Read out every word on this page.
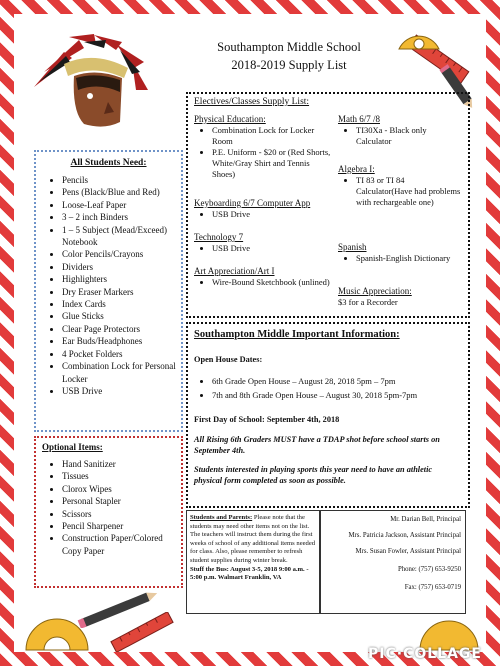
Southampton Middle School
2018-2019 Supply List
Electives/Classes Supply List:
Physical Education:
• Combination Lock for Locker Room
• P.E. Uniform - $20 or (Red Shorts, White/Gray Shirt and Tennis Shoes)
Keyboarding 6/7 Computer App
• USB Drive
Technology 7
• USB Drive
Art Appreciation/Art I
• Wire-Bound Sketchbook (unlined)
Math 6/7 /8
• TI30Xa - Black only Calculator
Algebra I:
• TI 83 or TI 84 Calculator(Have had problems with rechargeable one)
Spanish
• Spanish-English Dictionary
Music Appreciation:
$3 for a Recorder
All Students Need:
• Pencils
• Pens (Black/Blue and Red)
• Loose-Leaf Paper
• 3 – 2 inch Binders
• 1 – 5 Subject (Mead/Exceed) Notebook
• Color Pencils/Crayons
• Dividers
• Highlighters
• Dry Eraser Markers
• Index Cards
• Glue Sticks
• Clear Page Protectors
• Ear Buds/Headphones
• 4 Pocket Folders
• Combination Lock for Personal Locker
• USB Drive
Optional Items:
• Hand Sanitizer
• Tissues
• Clorox Wipes
• Personal Stapler
• Scissors
• Pencil Sharpener
• Construction Paper/Colored Copy Paper
Southampton Middle Important Information:
Open House Dates:
• 6th Grade Open House – August 28, 2018 5pm – 7pm
• 7th and 8th Grade Open House – August 30, 2018 5pm-7pm
First Day of School: September 4th, 2018
All Rising 6th Graders MUST have a TDAP shot before school starts on September 4th.
Students interested in playing sports this year need to have an athletic physical form completed as soon as possible.
Students and Parents: Please note that the students may need other items not on the list. The teachers will instruct them during the first weeks of school of any additional items needed for class. Also, please remember to refresh student supplies during winter break.
Stuff the Bus: August 3-5, 2018 9:00 a.m. - 5:00 p.m. Walmart Franklin, VA
Mr. Darian Bell, Principal
Mrs. Patricia Jackson, Assistant Principal
Mrs. Susan Fowler, Assistant Principal
Phone: (757) 653-9250
Fax: (757) 653-0719
PIC·COLLAGE
